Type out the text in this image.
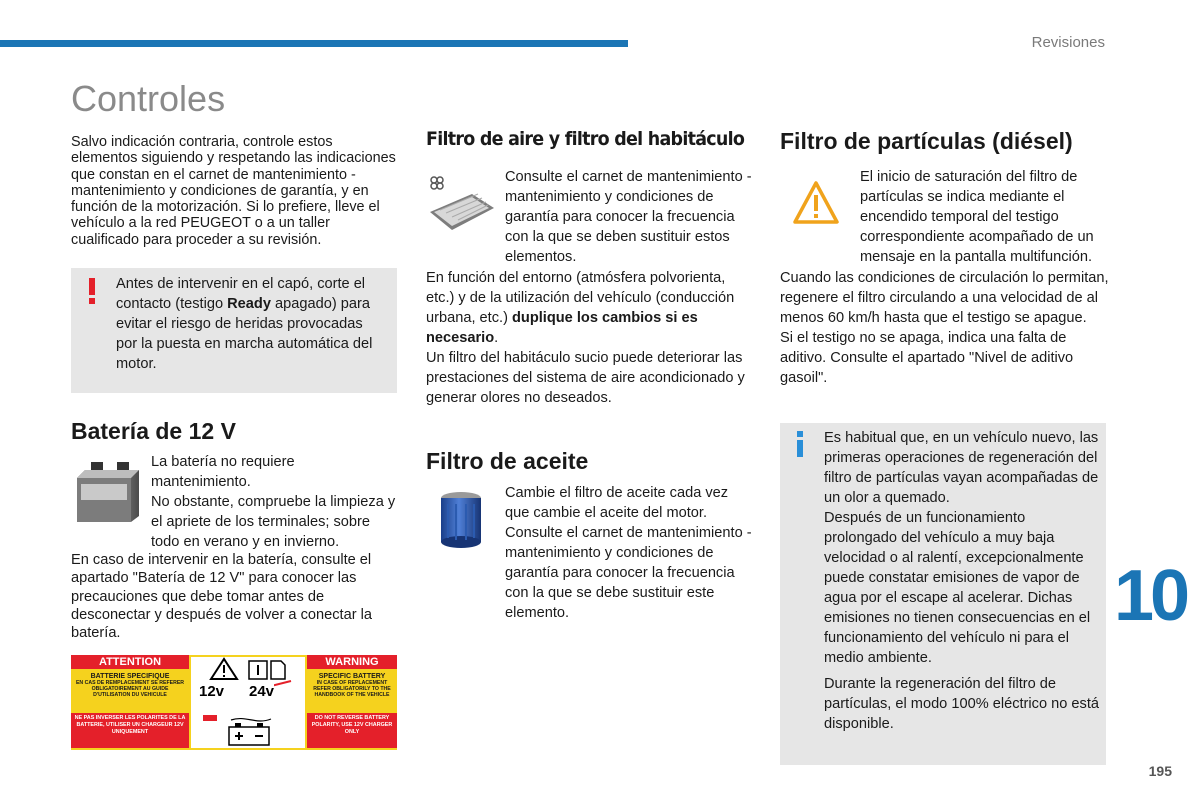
Revisiones
Controles

Salvo indicación contraria, controle estos elementos siguiendo y respetando las indicaciones que constan en el carnet de mantenimiento - mantenimiento y condiciones de garantía, y en función de la motorización. Si lo prefiere, lleve el vehículo a la red PEUGEOT o a un taller cualificado para proceder a su revisión.

Antes de intervenir en el capó, corte el contacto (testigo Ready apagado) para evitar el riesgo de heridas provocadas por la puesta en marcha automática del motor.

Batería de 12 V

La batería no requiere mantenimiento.

No obstante, compruebe la limpieza y el apriete de los terminales; sobre todo en verano y en invierno.

En caso de intervenir en la batería, consulte el apartado "Batería de 12 V" para conocer las precauciones que debe tomar antes de desconectar y después de volver a conectar la batería.

ATTENTION	WARNING
BATTERIE SPECIFIQUE
EN CAS DE REMPLACEMENT SE REFERER OBLIGATOIREMENT AU GUIDE D'UTILISATION DU VEHICULE
NE PAS INVERSER LES POLARITES DE LA BATTERIE, UTILISER UN CHARGEUR 12V UNIQUEMENT
SPECIFIC BATTERY
IN CASE OF REPLACEMENT REFER OBLIGATORILY TO THE HANDBOOK OF THE VEHICLE
DO NOT REVERSE BATTERY POLARITY, USE 12V CHARGER ONLY
12v 24v
Filtro de aire y filtro del habitáculo

Consulte el carnet de mantenimiento - mantenimiento y condiciones de garantía para conocer la frecuencia con la que se deben sustituir estos elementos.

En función del entorno (atmósfera polvorienta, etc.) y de la utilización del vehículo (conducción urbana, etc.) duplique los cambios si es necesario.

Un filtro del habitáculo sucio puede deteriorar las prestaciones del sistema de aire acondicionado y generar olores no deseados.

Filtro de aceite

Cambie el filtro de aceite cada vez que cambie el aceite del motor.

Consulte el carnet de mantenimiento - mantenimiento y condiciones de garantía para conocer la frecuencia con la que se debe sustituir este elemento.

Filtro de partículas (diésel)

El inicio de saturación del filtro de partículas se indica mediante el encendido temporal del testigo correspondiente acompañado de un mensaje en la pantalla multifunción.

Cuando las condiciones de circulación lo permitan, regenere el filtro circulando a una velocidad de al menos 60 km/h hasta que el testigo se apague.

Si el testigo no se apaga, indica una falta de aditivo. Consulte el apartado "Nivel de aditivo gasoil".

Es habitual que, en un vehículo nuevo, las primeras operaciones de regeneración del filtro de partículas vayan acompañadas de un olor a quemado.

Después de un funcionamiento prolongado del vehículo a muy baja velocidad o al ralentí, excepcionalmente puede constatar emisiones de vapor de agua por el escape al acelerar. Dichas emisiones no tienen consecuencias en el funcionamiento del vehículo ni para el medio ambiente.

Durante la regeneración del filtro de partículas, el modo 100% eléctrico no está disponible.

10
195
